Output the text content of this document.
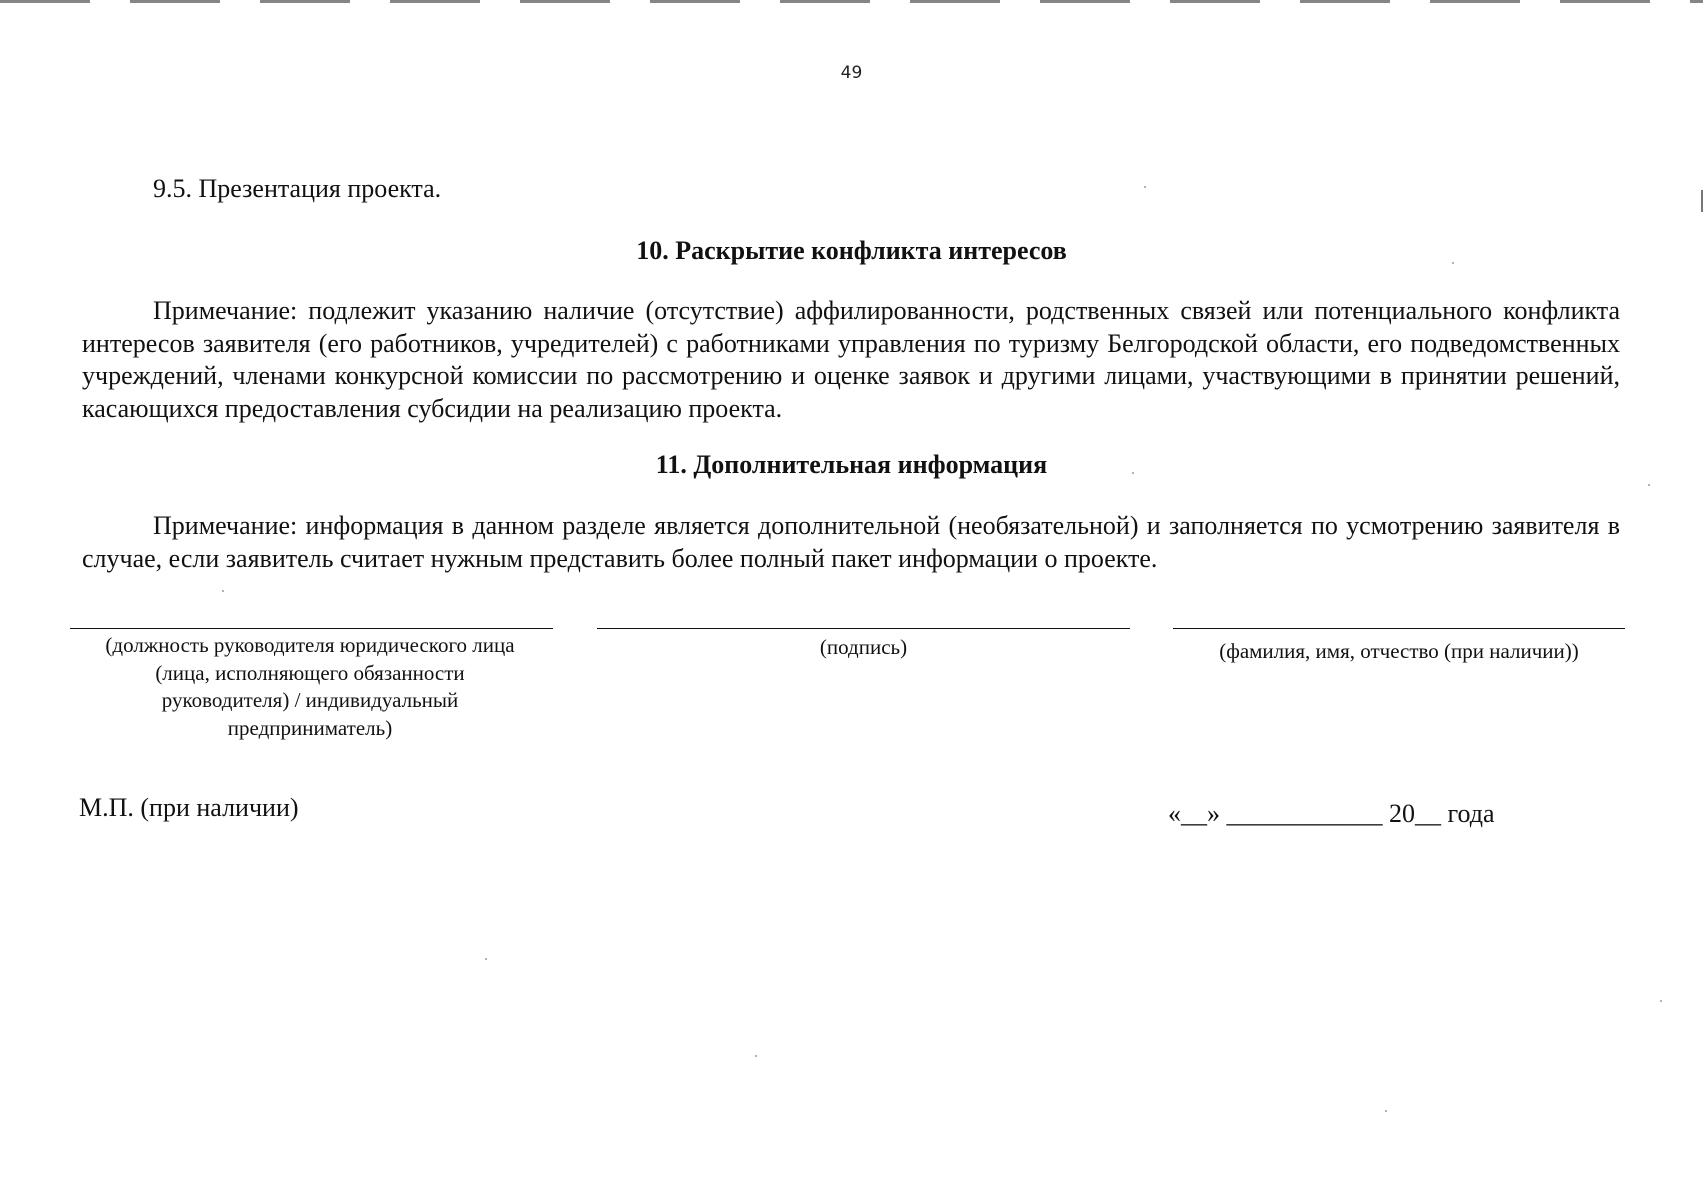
49
9.5. Презентация проекта.
10. Раскрытие конфликта интересов

Примечание: подлежит указанию наличие (отсутствие) аффилированности, родственных связей или потенциального конфликта интересов заявителя (его работников, учредителей) с работниками управления по туризму Белгородской области, его подведомственных учреждений, членами конкурсной комиссии по рассмотрению и оценке заявок и другими лицами, участвующими в принятии решений, касающихся предоставления субсидии на реализацию проекта.

11. Дополнительная информация

Примечание: информация в данном разделе является дополнительной (необязательной) и заполняется по усмотрению заявителя в случае, если заявитель считает нужным представить более полный пакет информации о проекте.

(должность руководителя юридического лица (лица, исполняющего обязанности руководителя) / индивидуальный предприниматель)

(подпись)	(фамилия, имя, отчество (при наличии))

М.П. (при наличии)	«__» ____________ 20__ года
